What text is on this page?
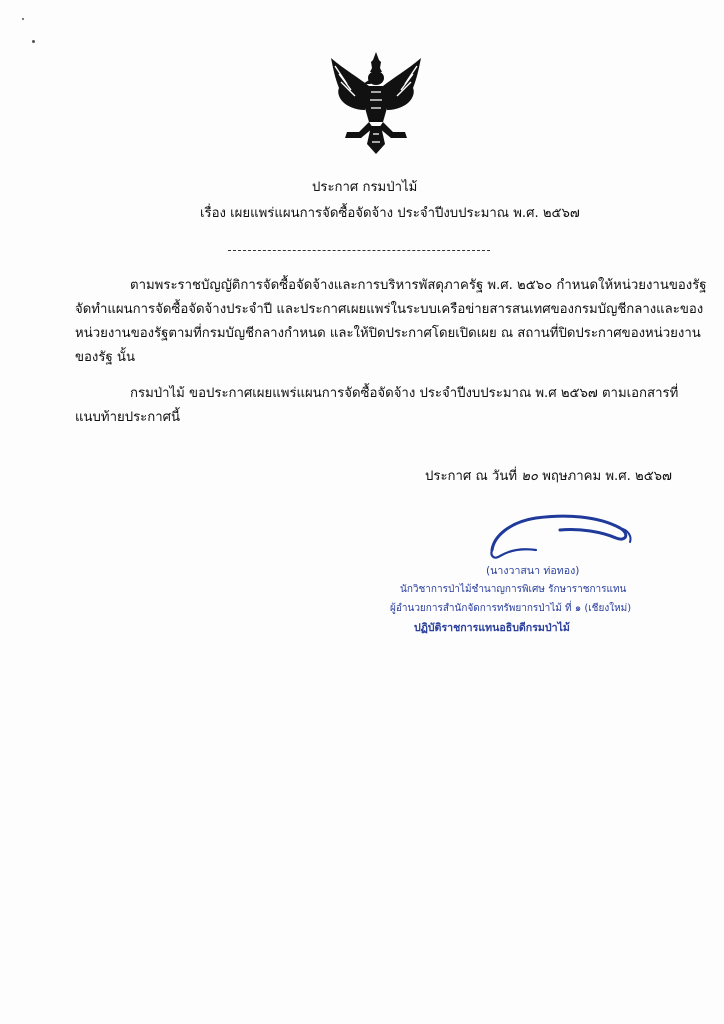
ประกาศ กรมป่าไม้
เรื่อง เผยแพร่แผนการจัดซื้อจัดจ้าง ประจำปีงบประมาณ พ.ศ. ๒๕๖๗
ตามพระราชบัญญัติการจัดซื้อจัดจ้างและการบริหารพัสดุภาครัฐ พ.ศ. ๒๕๖๐ กำหนดให้หน่วยงานของรัฐ
จัดทำแผนการจัดซื้อจัดจ้างประจำปี และประกาศเผยแพร่ในระบบเครือข่ายสารสนเทศของกรมบัญชีกลางและของ
หน่วยงานของรัฐตามที่กรมบัญชีกลางกำหนด และให้ปิดประกาศโดยเปิดเผย ณ สถานที่ปิดประกาศของหน่วยงาน
ของรัฐ นั้น
กรมป่าไม้ ขอประกาศเผยแพร่แผนการจัดซื้อจัดจ้าง ประจำปีงบประมาณ พ.ศ ๒๕๖๗ ตามเอกสารที่
แนบท้ายประกาศนี้
ประกาศ ณ วันที่ ๒๐ พฤษภาคม พ.ศ. ๒๕๖๗
(นางวาสนา ท่อทอง)
นักวิชาการป่าไม้ชำนาญการพิเศษ รักษาราชการแทน
ผู้อำนวยการสำนักจัดการทรัพยากรป่าไม้ ที่ ๑ (เชียงใหม่)
ปฏิบัติราชการแทนอธิบดีกรมป่าไม้
